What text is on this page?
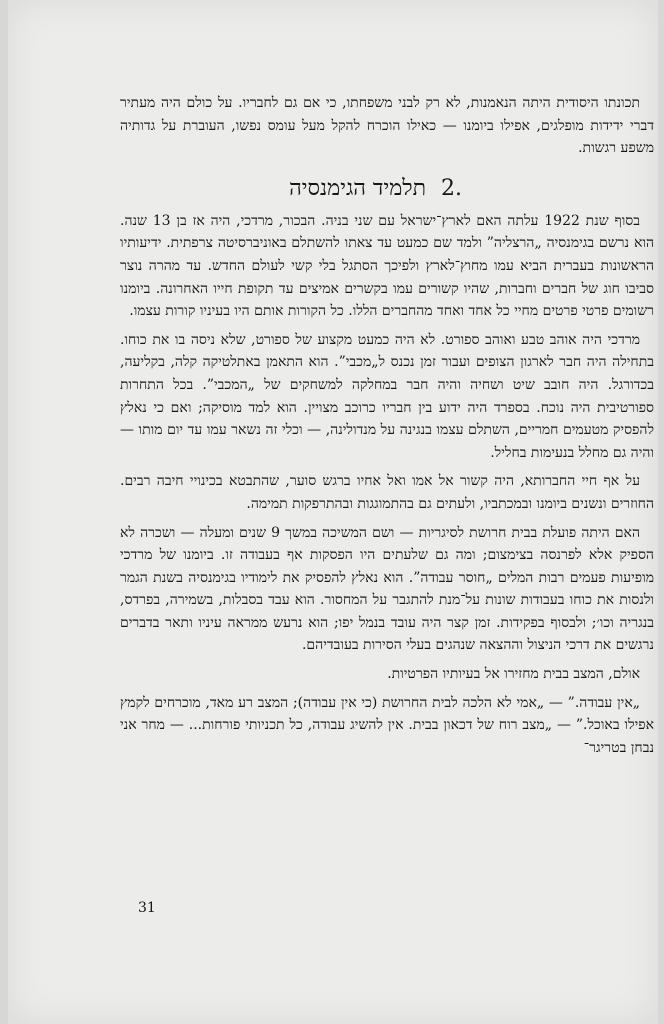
תכונתו היסודית היתה הנאמנות, לא רק לבני משפחתו, כי אם גם לחבריו. על כולם היה מעתיר דברי ידידות מופלגים, אפילו ביומנו — כאילו הוכרח להקל מעל עומס נפשו, העוברת על גדותיה משפע רגשות.

.2 תלמיד הגימנסיה

בסוף שנת 1922 עלתה האם לארץ־ישראל עם שני בניה. הבכור, מרדכי, היה אז בן 13 שנה. הוא נרשם בגימנסיה „הרצליה” ולמד שם כמעט עד צאתו להשתלם באוניברסיטה צרפתית. ידיעותיו הראשונות בעברית הביא עמו מחוץ־לארץ ולפיכך הסתגל בלי קשי לעולם החדש. עד מהרה נוצר סביבו חוג של חברים וחברות, שהיו קשורים עמו בקשרים אמיצים עד תקופת חייו האחרונה. ביומנו רשומים פרטי פרטים מחיי כל אחד ואחד מהחברים הללו. כל הקורות אותם היו בעיניו קורות עצמו.

מרדכי היה אוהב טבע ואוהב ספורט. לא היה כמעט מקצוע של ספורט, שלא ניסה בו את כוחו. בתחילה היה חבר לארגון הצופים ועבור זמן נכנס ל„מכבי”. הוא התאמן באתלטיקה קלה, בקליעה, בכדורגל. היה חובב שיט ושחיה והיה חבר במחלקה למשחקים של „המכבי”. בכל התחרות ספורטיבית היה נוכח. בספרד היה ידוע בין חבריו כרוכב מצויין. הוא למד מוסיקה; ואם כי נאלץ להפסיק מטעמים חמריים, השתלם עצמו בנגינה על מנדולינה, — וכלי זה נשאר עמו עד יום מותו — והיה גם מחלל בנעימות בחליל.

על אף חיי החברותא, היה קשור אל אמו ואל אחיו ברגש סוער, שהתבטא בכינויי חיבה רבים. החוזרים ונשנים ביומנו ובמכתביו, ולעתים גם בהתמוגגות ובהתרפקות תמימה.

האם היתה פועלת בבית חרושת לסיגריות — ושם המשיכה במשך 9 שנים ומעלה — ושכרה לא הספיק אלא לפרנסה בצימצום; ומה גם שלעתים היו הפסקות אף בעבודה זו. ביומנו של מרדכי מופיעות פעמים רבות המלים „חוסר עבודה”. הוא נאלץ להפסיק את לימודיו בגימנסיה בשנת הגמר ולנסות את כוחו בעבודות שונות על־מנת להתגבר על המחסור. הוא עבד בסבלות, בשמירה, בפרדס, בנגריה וכו׳; ולבסוף בפקידות. זמן קצר היה עובד בנמל יפו; הוא נרעש ממראה עיניו ותאר בדברים נרגשים את דרכי הניצול וההצאה שנהגים בעלי הסירות בעובדיהם.

אולם, המצב בבית מחזירו אל בעיותיו הפרטיות.

„אין עבודה.” — „אמי לא הלכה לבית החרושת (כי אין עבודה); המצב רע מאד, מוכרחים לקמץ אפילו באוכל.” — „מצב רוח של דכאון בבית. אין להשיג עבודה, כל תכניותי פורחות... — מחר אני נבחן בטריגר־

31
